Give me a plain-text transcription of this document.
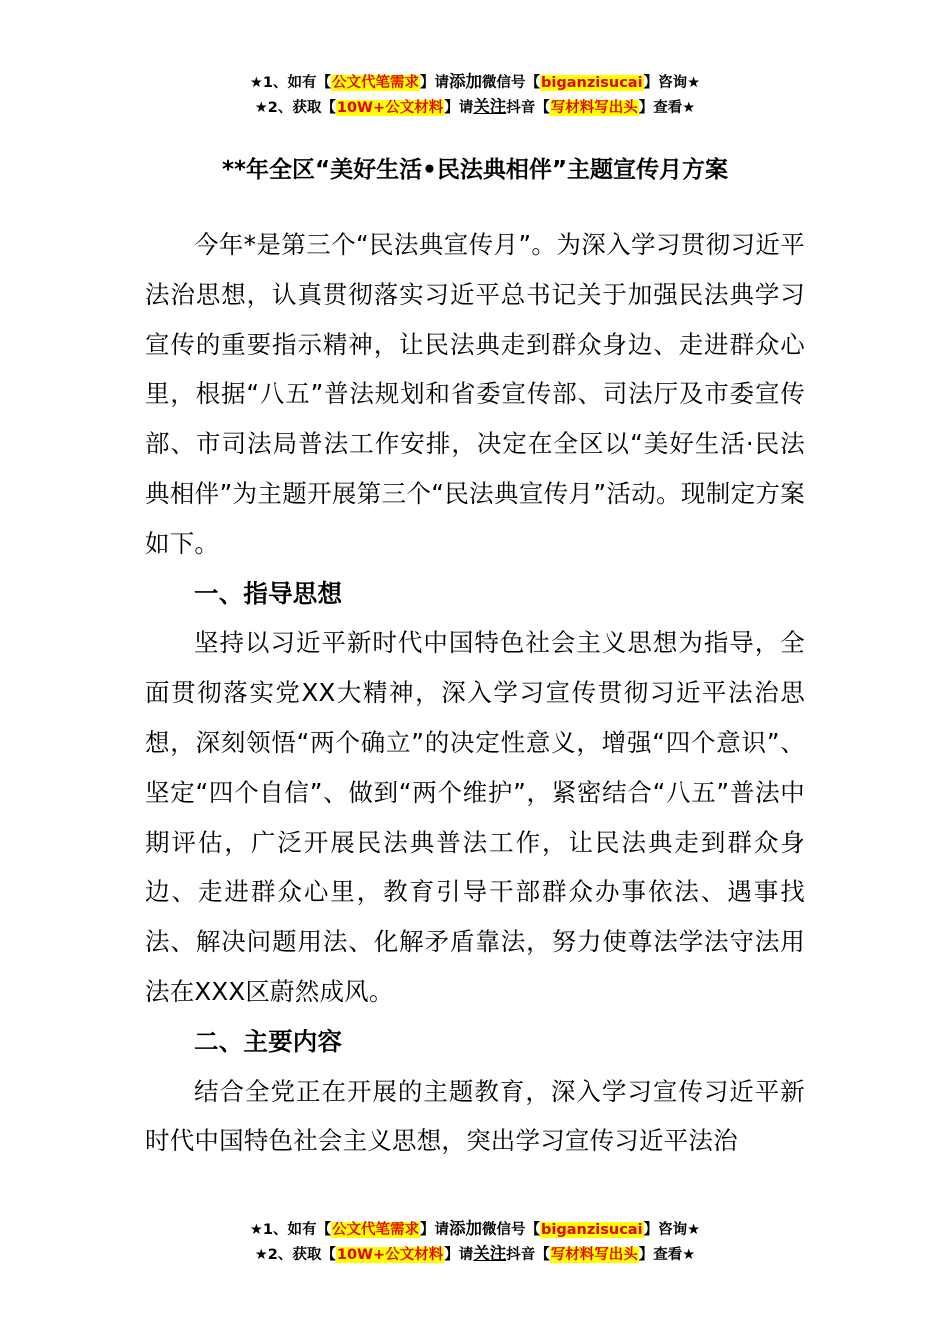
★1、如有【公文代笔需求】请添加微信号【biganzisucai】咨询★
★2、获取【10W+公文材料】请关注抖音【写材料写出头】查看★
**年全区“美好生活•民法典相伴”主题宣传月方案

今年*是第三个“民法典宣传月”。为深入学习贯彻习近平法治思想，认真贯彻落实习近平总书记关于加强民法典学习宣传的重要指示精神，让民法典走到群众身边、走进群众心里，根据“八五”普法规划和省委宣传部、司法厅及市委宣传部、市司法局普法工作安排，决定在全区以“美好生活·民法典相伴”为主题开展第三个“民法典宣传月”活动。现制定方案如下。

一、指导思想

坚持以习近平新时代中国特色社会主义思想为指导，全面贯彻落实党XX大精神，深入学习宣传贯彻习近平法治思想，深刻领悟“两个确立”的决定性意义，增强“四个意识”、坚定“四个自信”、做到“两个维护”，紧密结合“八五”普法中期评估，广泛开展民法典普法工作，让民法典走到群众身边、走进群众心里，教育引导干部群众办事依法、遇事找法、解决问题用法、化解矛盾靠法，努力使尊法学法守法用法在XXX区蔚然成风。

二、主要内容

结合全党正在开展的主题教育，深入学习宣传习近平新时代中国特色社会主义思想，突出学习宣传习近平法治

★1、如有【公文代笔需求】请添加微信号【biganzisucai】咨询★
★2、获取【10W+公文材料】请关注抖音【写材料写出头】查看★
